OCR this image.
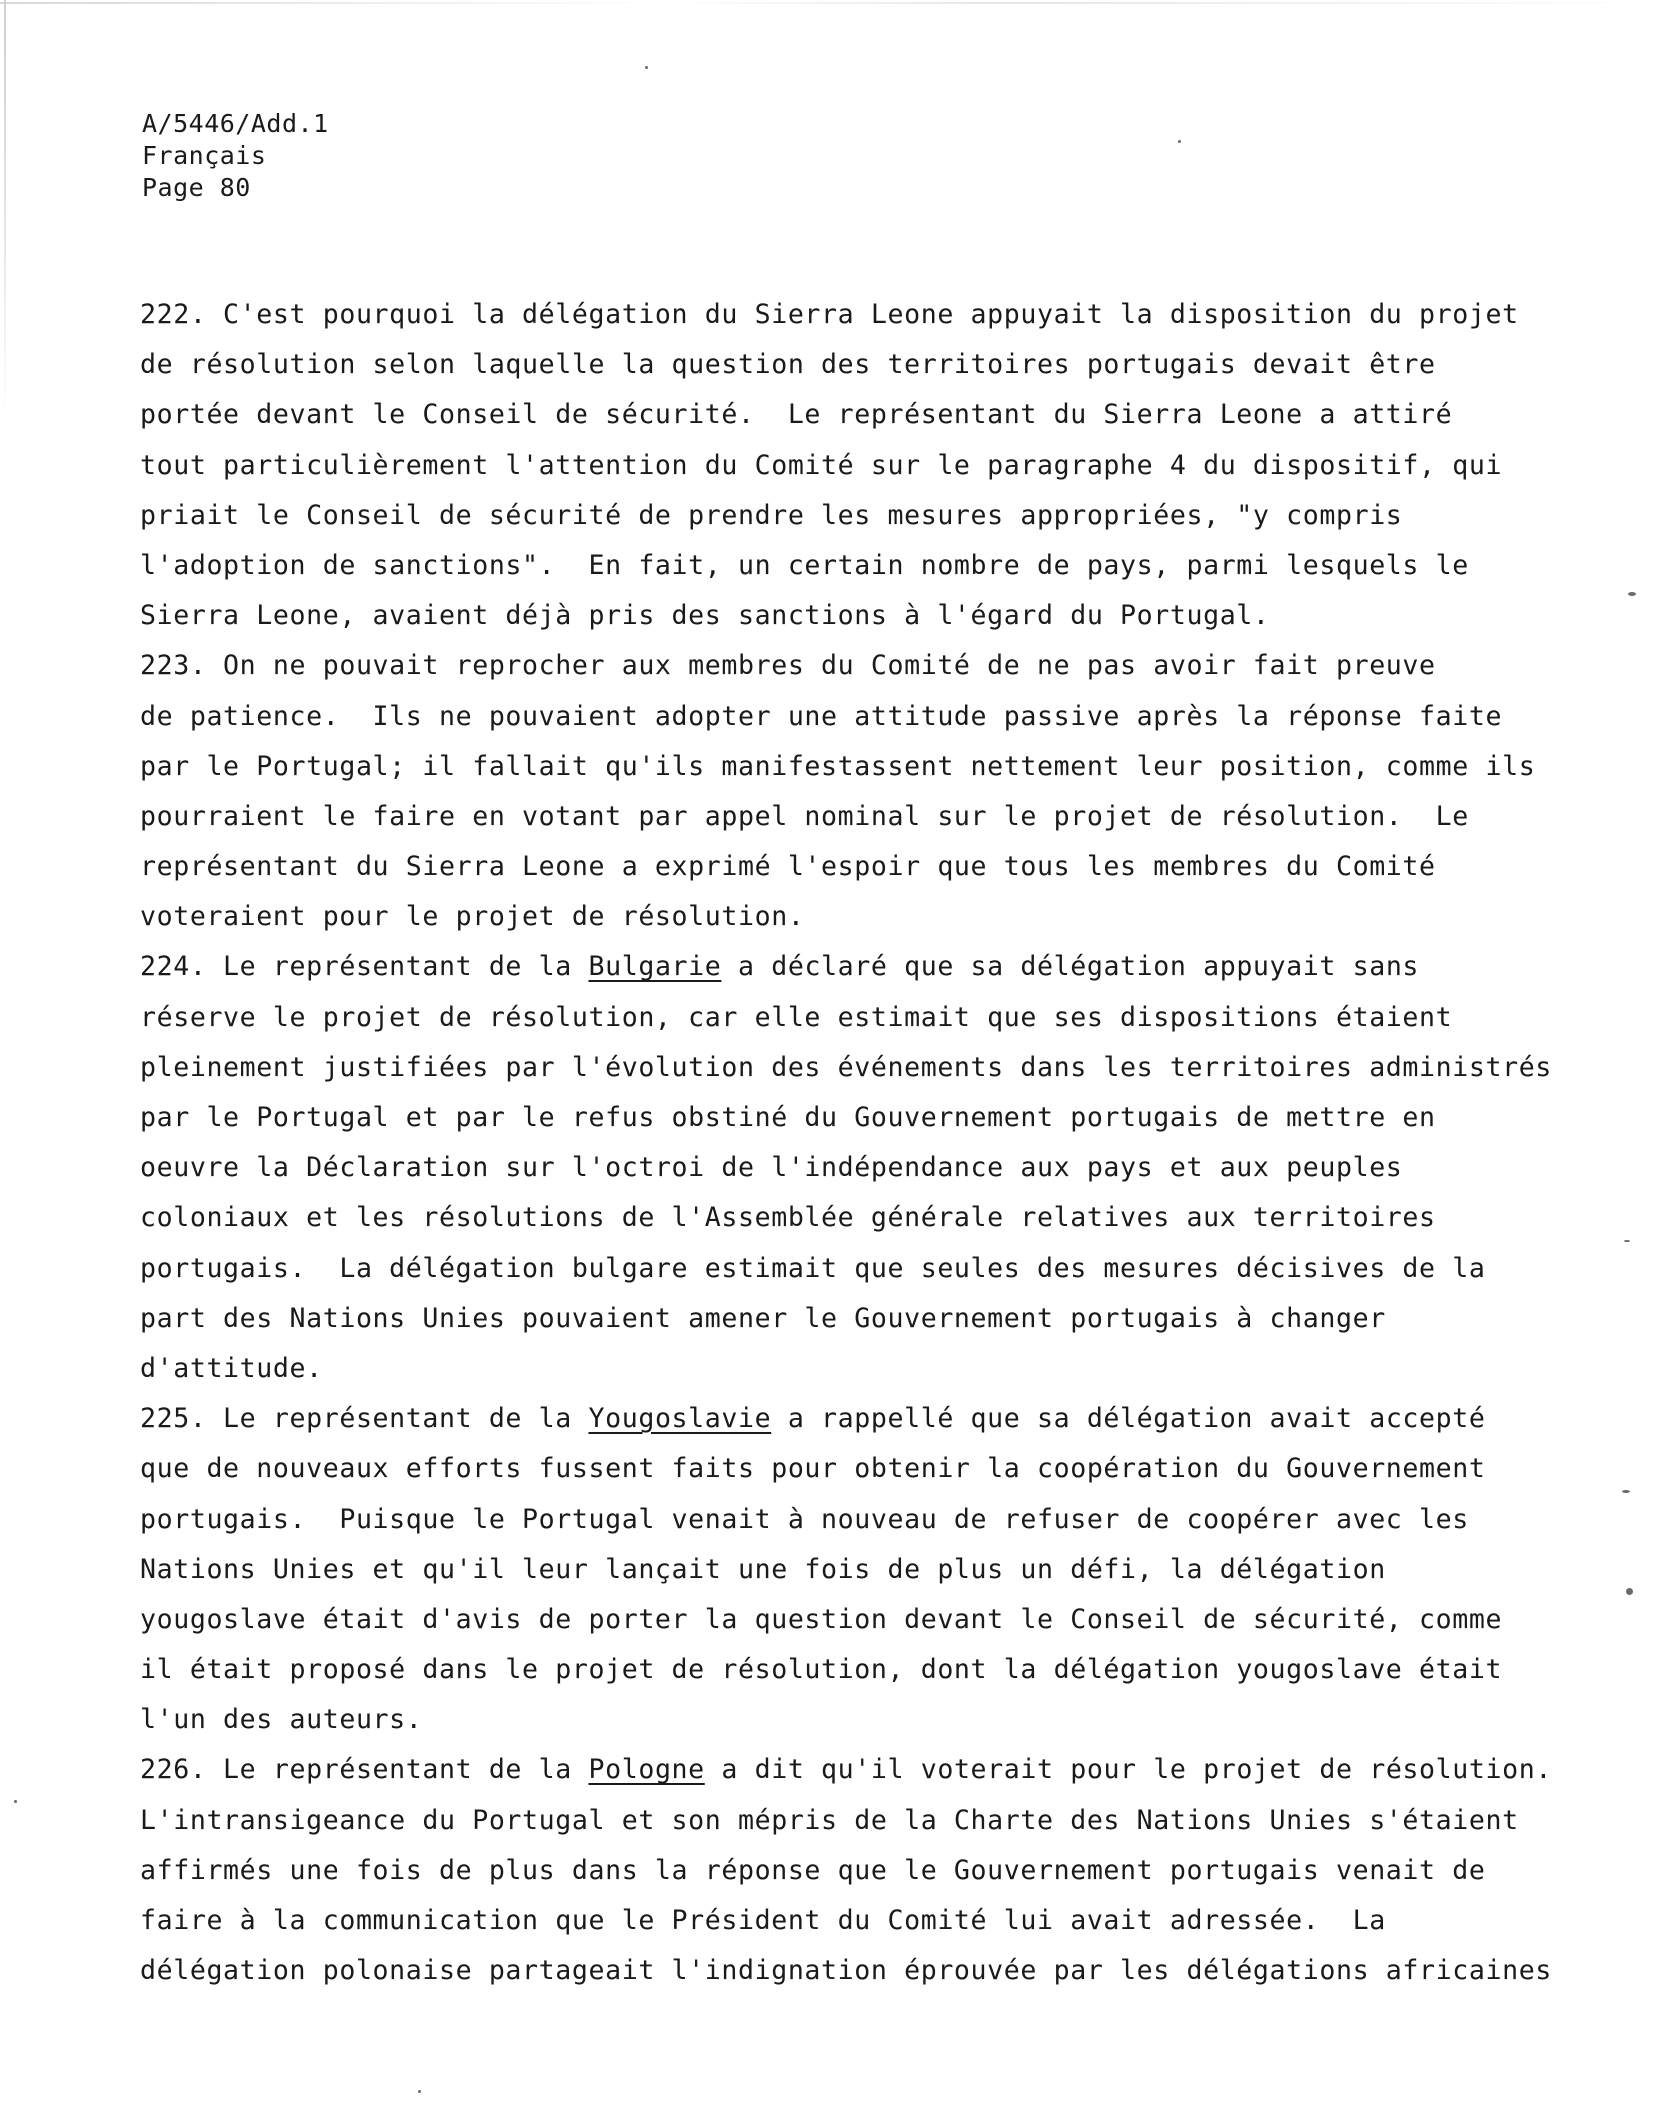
A/5446/Add.1
Français
Page 80
222. C'est pourquoi la délégation du Sierra Leone appuyait la disposition du projet
de résolution selon laquelle la question des territoires portugais devait être
portée devant le Conseil de sécurité.  Le représentant du Sierra Leone a attiré
tout particulièrement l'attention du Comité sur le paragraphe 4 du dispositif, qui
priait le Conseil de sécurité de prendre les mesures appropriées, "y compris
l'adoption de sanctions".  En fait, un certain nombre de pays, parmi lesquels le
Sierra Leone, avaient déjà pris des sanctions à l'égard du Portugal.
223. On ne pouvait reprocher aux membres du Comité de ne pas avoir fait preuve
de patience.  Ils ne pouvaient adopter une attitude passive après la réponse faite
par le Portugal; il fallait qu'ils manifestassent nettement leur position, comme ils
pourraient le faire en votant par appel nominal sur le projet de résolution.  Le
représentant du Sierra Leone a exprimé l'espoir que tous les membres du Comité
voteraient pour le projet de résolution.
224. Le représentant de la Bulgarie a déclaré que sa délégation appuyait sans
réserve le projet de résolution, car elle estimait que ses dispositions étaient
pleinement justifiées par l'évolution des événements dans les territoires administrés
par le Portugal et par le refus obstiné du Gouvernement portugais de mettre en
oeuvre la Déclaration sur l'octroi de l'indépendance aux pays et aux peuples
coloniaux et les résolutions de l'Assemblée générale relatives aux territoires
portugais.  La délégation bulgare estimait que seules des mesures décisives de la
part des Nations Unies pouvaient amener le Gouvernement portugais à changer
d'attitude.
225. Le représentant de la Yougoslavie a rappellé que sa délégation avait accepté
que de nouveaux efforts fussent faits pour obtenir la coopération du Gouvernement
portugais.  Puisque le Portugal venait à nouveau de refuser de coopérer avec les
Nations Unies et qu'il leur lançait une fois de plus un défi, la délégation
yougoslave était d'avis de porter la question devant le Conseil de sécurité, comme
il était proposé dans le projet de résolution, dont la délégation yougoslave était
l'un des auteurs.
226. Le représentant de la Pologne a dit qu'il voterait pour le projet de résolution.
L'intransigeance du Portugal et son mépris de la Charte des Nations Unies s'étaient
affirmés une fois de plus dans la réponse que le Gouvernement portugais venait de
faire à la communication que le Président du Comité lui avait adressée.  La
délégation polonaise partageait l'indignation éprouvée par les délégations africaines
